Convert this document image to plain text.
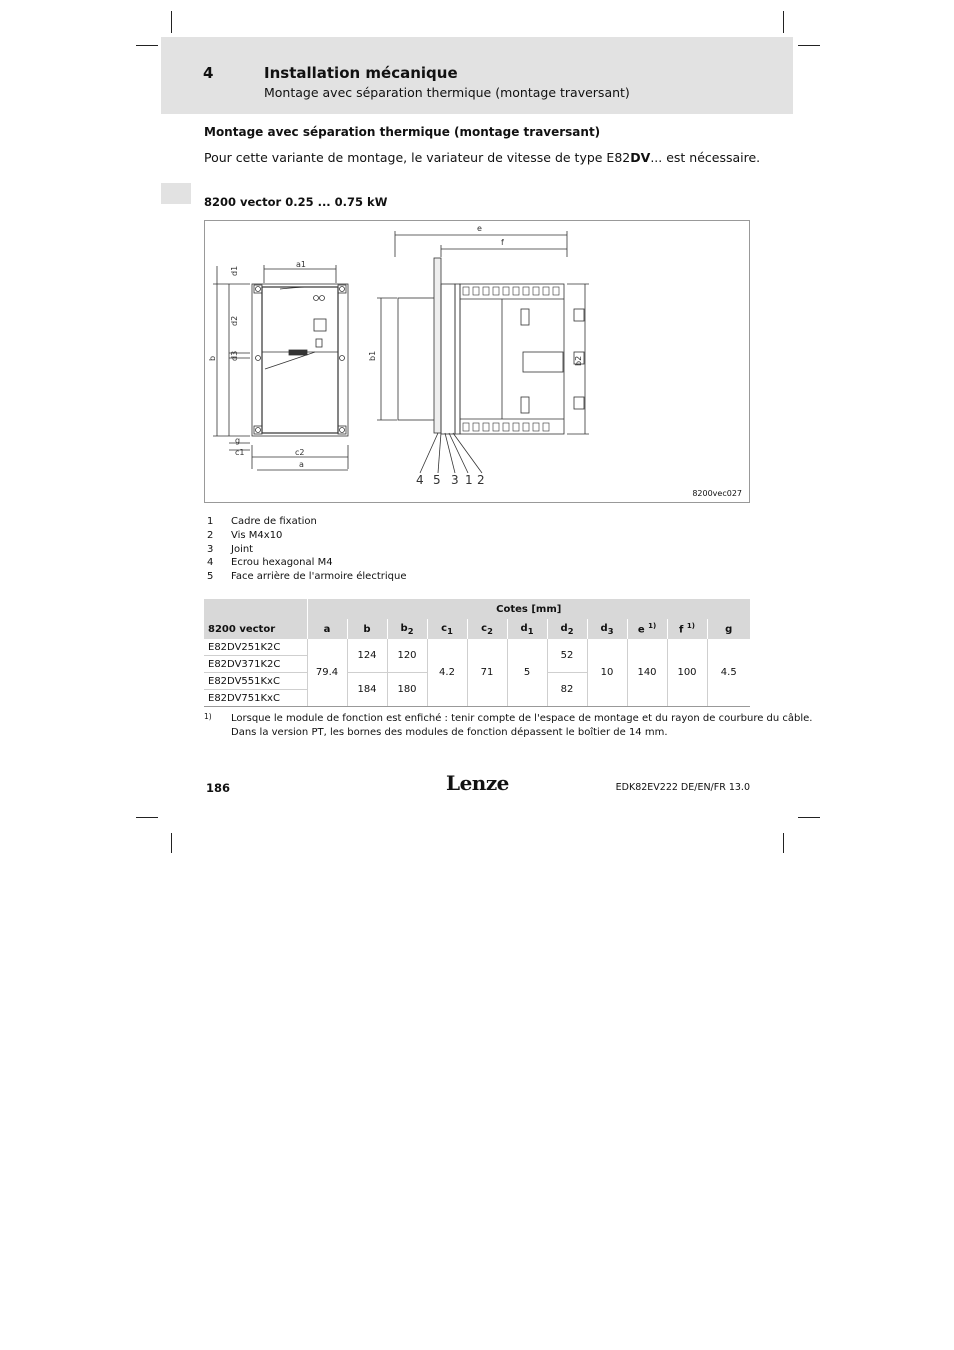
4	Installation mécanique
Montage avec séparation thermique (montage traversant)
Montage avec séparation thermique (montage traversant)
Pour cette variante de montage, le variateur de vitesse de type E82DV... est nécessaire.
8200 vector 0.25 ... 0.75 kW
a1
a
c2
c1
b
d2
d1
d3
e
f
g
b1	b2
4 5 3 1 2
8200vec027
1	Cadre de fixation
2	Vis M4x10
3	Joint
4	Ecrou hexagonal M4
5	Face arrière de l'armoire électrique
	Cotes [mm]										
8200 vector	a	b	$b_2$	$c_1$	$c_2$	$d_1$	$d_2$	$d_3$	e $^{1)}$	f $^{1)}$	g
E82DV251K2C	79.4	124	120	4.2	71	5	52	10	140	100	4.5
E82DV371K2C											
E82DV551KxC		184	180				82				
E82DV751KxC											
1) Lorsque le module de fonction est enfiché : tenir compte de l'espace de montage et du rayon de courbure du câble.
Dans la version PT, les bornes des modules de fonction dépassent le boîtier de 14 mm.
186	Lenze	EDK82EV222 DE/EN/FR 13.0
